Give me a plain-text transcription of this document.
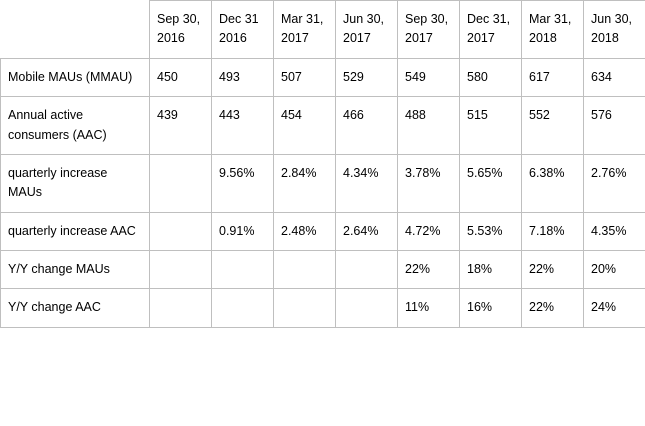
	Sep 30, 2016	Dec 31 2016	Mar 31, 2017	Jun 30, 2017	Sep 30, 2017	Dec 31, 2017	Mar 31, 2018	Jun 30, 2018
Mobile MAUs (MMAU)	450	493	507	529	549	580	617	634
Annual active consumers (AAC)	439	443	454	466	488	515	552	576
quarterly increase MAUs		9.56%	2.84%	4.34%	3.78%	5.65%	6.38%	2.76%
quarterly increase AAC		0.91%	2.48%	2.64%	4.72%	5.53%	7.18%	4.35%
Y/Y change MAUs					22%	18%	22%	20%
Y/Y change AAC					11%	16%	22%	24%
